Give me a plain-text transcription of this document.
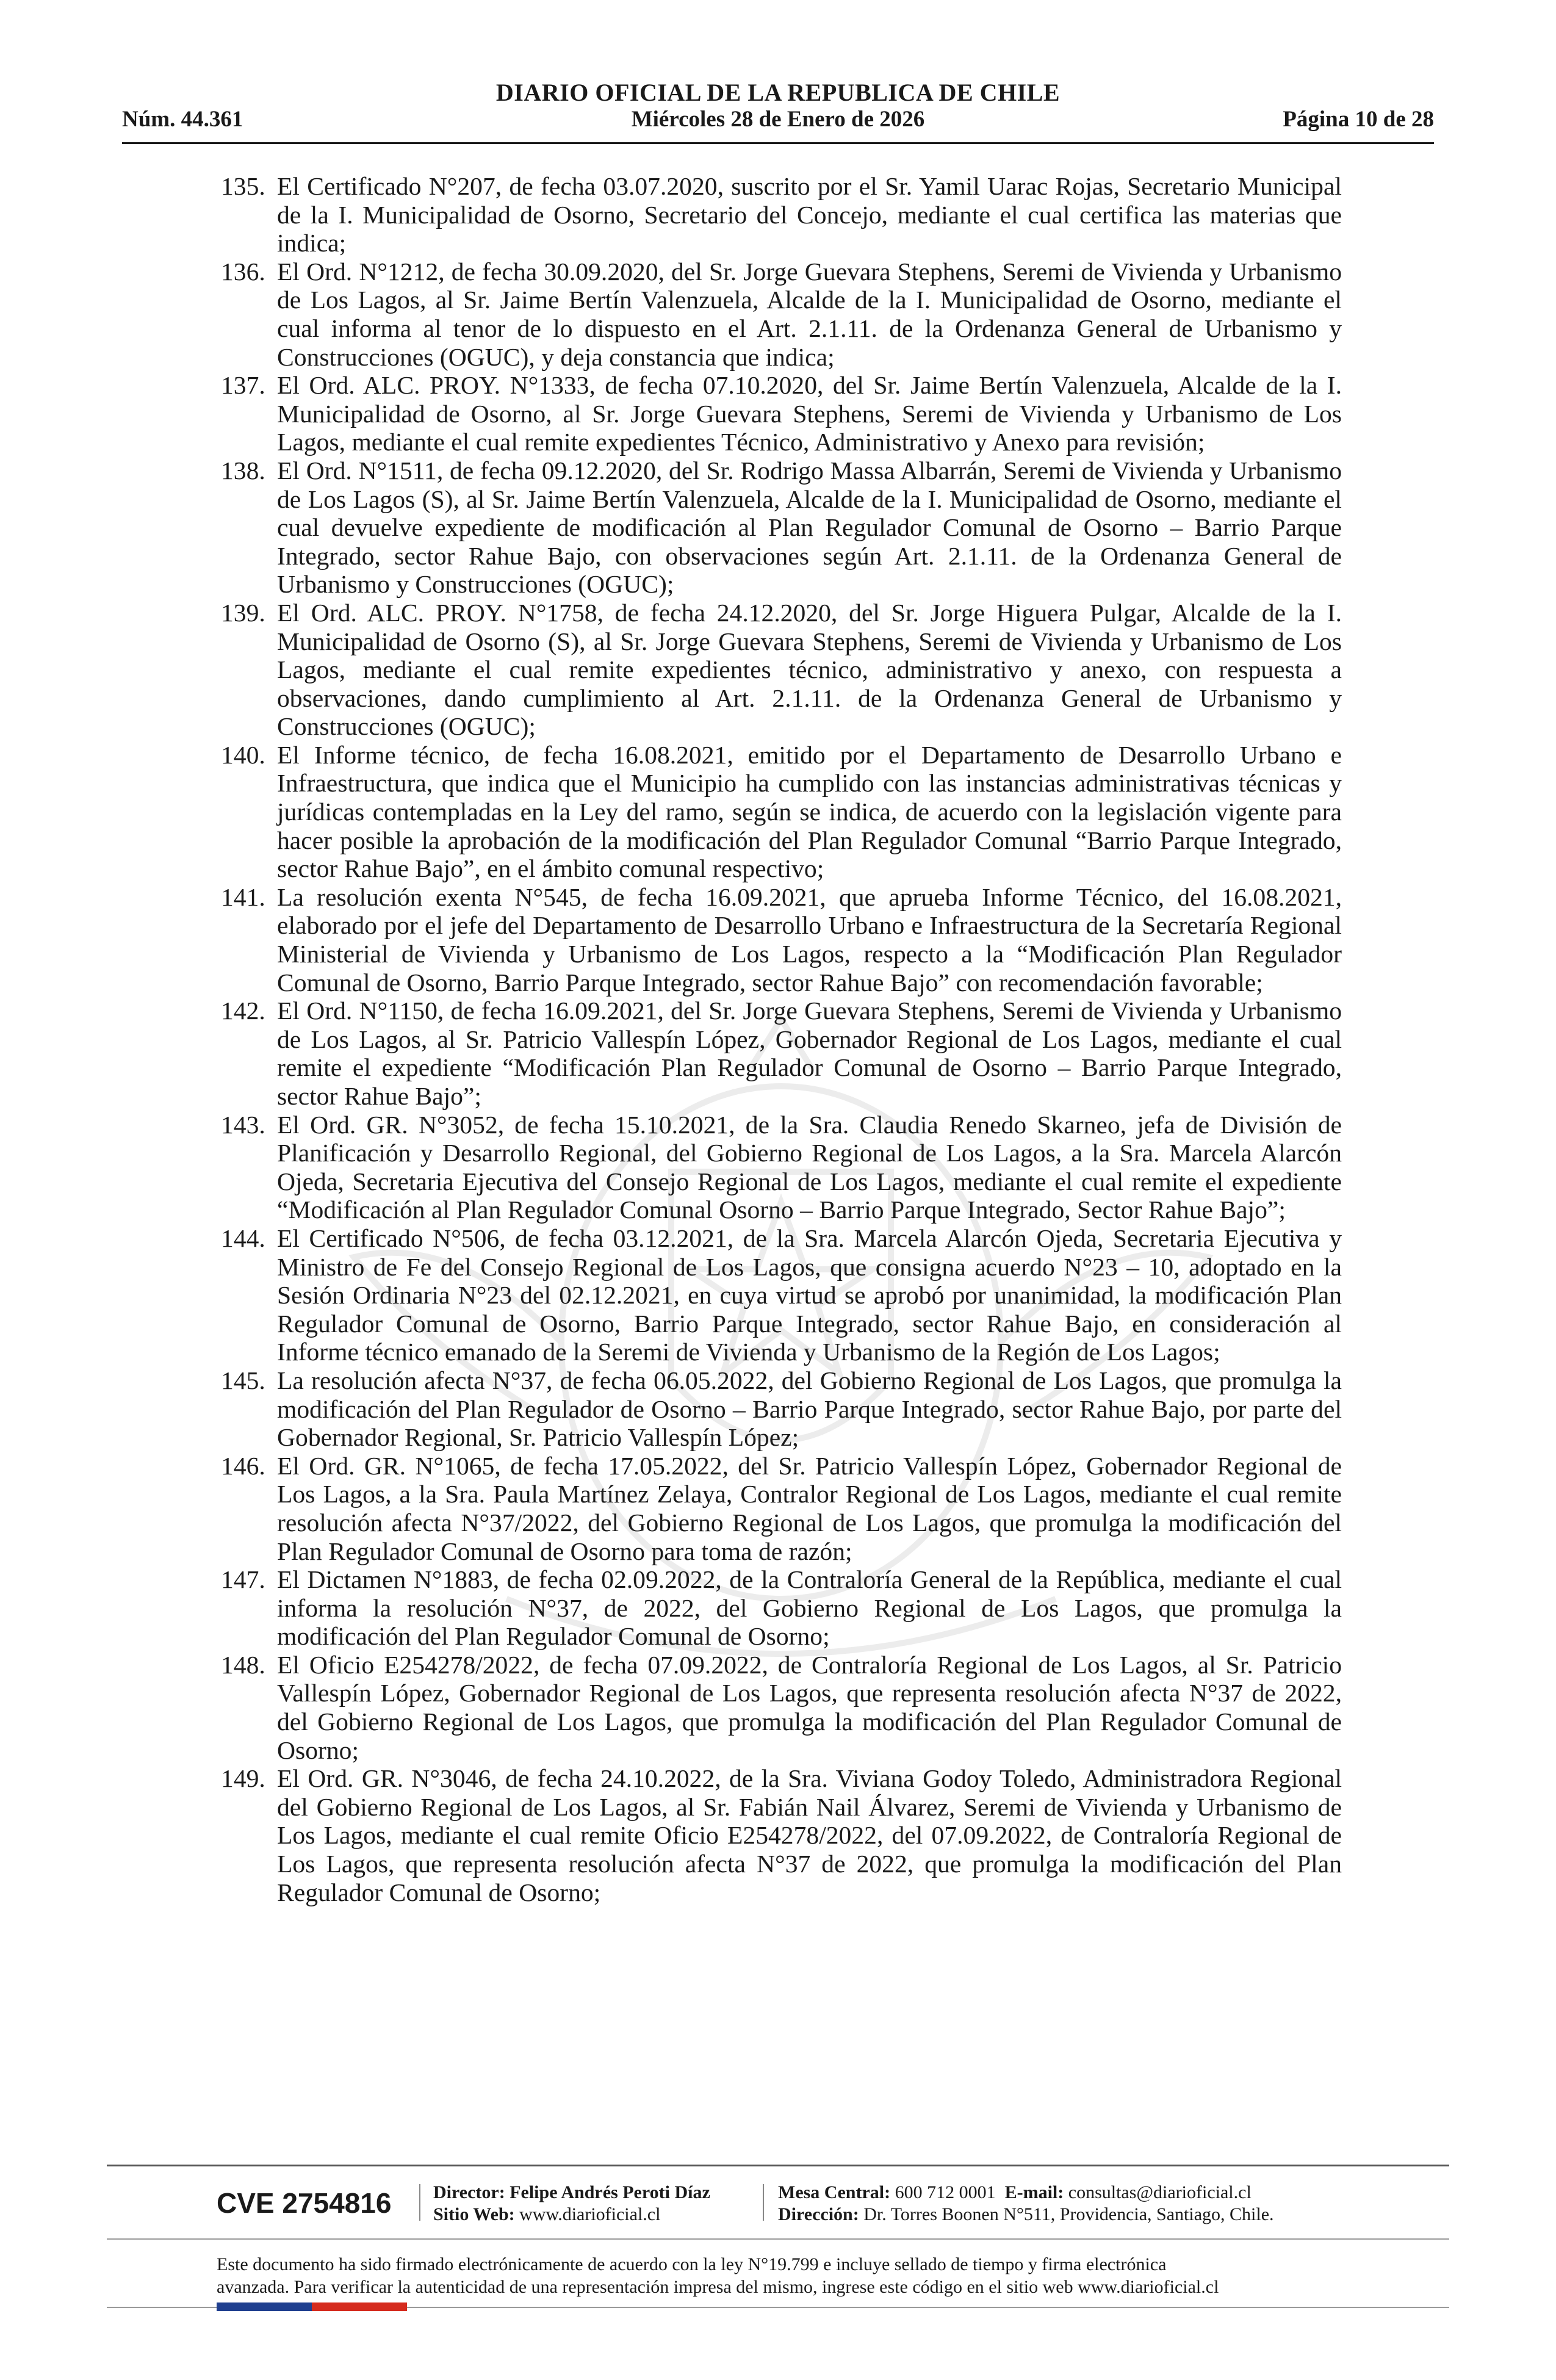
DIARIO OFICIAL DE LA REPUBLICA DE CHILE
Núm. 44.361	Miércoles 28 de Enero de 2026	Página 10 de 28
135. El Certificado N°207, de fecha 03.07.2020, suscrito por el Sr. Yamil Uarac Rojas, Secretario Municipal de la I. Municipalidad de Osorno, Secretario del Concejo, mediante el cual certifica las materias que indica;
136. El Ord. N°1212, de fecha 30.09.2020, del Sr. Jorge Guevara Stephens, Seremi de Vivienda y Urbanismo de Los Lagos, al Sr. Jaime Bertín Valenzuela, Alcalde de la I. Municipalidad de Osorno, mediante el cual informa al tenor de lo dispuesto en el Art. 2.1.11. de la Ordenanza General de Urbanismo y Construcciones (OGUC), y deja constancia que indica;
137. El Ord. ALC. PROY. N°1333, de fecha 07.10.2020, del Sr. Jaime Bertín Valenzuela, Alcalde de la I. Municipalidad de Osorno, al Sr. Jorge Guevara Stephens, Seremi de Vivienda y Urbanismo de Los Lagos, mediante el cual remite expedientes Técnico, Administrativo y Anexo para revisión;
138. El Ord. N°1511, de fecha 09.12.2020, del Sr. Rodrigo Massa Albarrán, Seremi de Vivienda y Urbanismo de Los Lagos (S), al Sr. Jaime Bertín Valenzuela, Alcalde de la I. Municipalidad de Osorno, mediante el cual devuelve expediente de modificación al Plan Regulador Comunal de Osorno – Barrio Parque Integrado, sector Rahue Bajo, con observaciones según Art. 2.1.11. de la Ordenanza General de Urbanismo y Construcciones (OGUC);
139. El Ord. ALC. PROY. N°1758, de fecha 24.12.2020, del Sr. Jorge Higuera Pulgar, Alcalde de la I. Municipalidad de Osorno (S), al Sr. Jorge Guevara Stephens, Seremi de Vivienda y Urbanismo de Los Lagos, mediante el cual remite expedientes técnico, administrativo y anexo, con respuesta a observaciones, dando cumplimiento al Art. 2.1.11. de la Ordenanza General de Urbanismo y Construcciones (OGUC);
140. El Informe técnico, de fecha 16.08.2021, emitido por el Departamento de Desarrollo Urbano e Infraestructura, que indica que el Municipio ha cumplido con las instancias administrativas técnicas y jurídicas contempladas en la Ley del ramo, según se indica, de acuerdo con la legislación vigente para hacer posible la aprobación de la modificación del Plan Regulador Comunal “Barrio Parque Integrado, sector Rahue Bajo”, en el ámbito comunal respectivo;
141. La resolución exenta N°545, de fecha 16.09.2021, que aprueba Informe Técnico, del 16.08.2021, elaborado por el jefe del Departamento de Desarrollo Urbano e Infraestructura de la Secretaría Regional Ministerial de Vivienda y Urbanismo de Los Lagos, respecto a la “Modificación Plan Regulador Comunal de Osorno, Barrio Parque Integrado, sector Rahue Bajo” con recomendación favorable;
142. El Ord. N°1150, de fecha 16.09.2021, del Sr. Jorge Guevara Stephens, Seremi de Vivienda y Urbanismo de Los Lagos, al Sr. Patricio Vallespín López, Gobernador Regional de Los Lagos, mediante el cual remite el expediente “Modificación Plan Regulador Comunal de Osorno – Barrio Parque Integrado, sector Rahue Bajo”;
143. El Ord. GR. N°3052, de fecha 15.10.2021, de la Sra. Claudia Renedo Skarneo, jefa de División de Planificación y Desarrollo Regional, del Gobierno Regional de Los Lagos, a la Sra. Marcela Alarcón Ojeda, Secretaria Ejecutiva del Consejo Regional de Los Lagos, mediante el cual remite el expediente “Modificación al Plan Regulador Comunal Osorno – Barrio Parque Integrado, Sector Rahue Bajo”;
144. El Certificado N°506, de fecha 03.12.2021, de la Sra. Marcela Alarcón Ojeda, Secretaria Ejecutiva y Ministro de Fe del Consejo Regional de Los Lagos, que consigna acuerdo N°23 – 10, adoptado en la Sesión Ordinaria N°23 del 02.12.2021, en cuya virtud se aprobó por unanimidad, la modificación Plan Regulador Comunal de Osorno, Barrio Parque Integrado, sector Rahue Bajo, en consideración al Informe técnico emanado de la Seremi de Vivienda y Urbanismo de la Región de Los Lagos;
145. La resolución afecta N°37, de fecha 06.05.2022, del Gobierno Regional de Los Lagos, que promulga la modificación del Plan Regulador de Osorno – Barrio Parque Integrado, sector Rahue Bajo, por parte del Gobernador Regional, Sr. Patricio Vallespín López;
146. El Ord. GR. N°1065, de fecha 17.05.2022, del Sr. Patricio Vallespín López, Gobernador Regional de Los Lagos, a la Sra. Paula Martínez Zelaya, Contralor Regional de Los Lagos, mediante el cual remite resolución afecta N°37/2022, del Gobierno Regional de Los Lagos, que promulga la modificación del Plan Regulador Comunal de Osorno para toma de razón;
147. El Dictamen N°1883, de fecha 02.09.2022, de la Contraloría General de la República, mediante el cual informa la resolución N°37, de 2022, del Gobierno Regional de Los Lagos, que promulga la modificación del Plan Regulador Comunal de Osorno;
148. El Oficio E254278/2022, de fecha 07.09.2022, de Contraloría Regional de Los Lagos, al Sr. Patricio Vallespín López, Gobernador Regional de Los Lagos, que representa resolución afecta N°37 de 2022, del Gobierno Regional de Los Lagos, que promulga la modificación del Plan Regulador Comunal de Osorno;
149. El Ord. GR. N°3046, de fecha 24.10.2022, de la Sra. Viviana Godoy Toledo, Administradora Regional del Gobierno Regional de Los Lagos, al Sr. Fabián Nail Álvarez, Seremi de Vivienda y Urbanismo de Los Lagos, mediante el cual remite Oficio E254278/2022, del 07.09.2022, de Contraloría Regional de Los Lagos, que representa resolución afecta N°37 de 2022, que promulga la modificación del Plan Regulador Comunal de Osorno;
CVE 2754816 Director: Felipe Andrés Peroti Díaz
Sitio Web: www.diarioficial.cl
Mesa Central: 600 712 0001 E-mail: consultas@diarioficial.cl
Dirección: Dr. Torres Boonen N°511, Providencia, Santiago, Chile.
Este documento ha sido firmado electrónicamente de acuerdo con la ley N°19.799 e incluye sellado de tiempo y firma electrónica
avanzada. Para verificar la autenticidad de una representación impresa del mismo, ingrese este código en el sitio web www.diarioficial.cl
